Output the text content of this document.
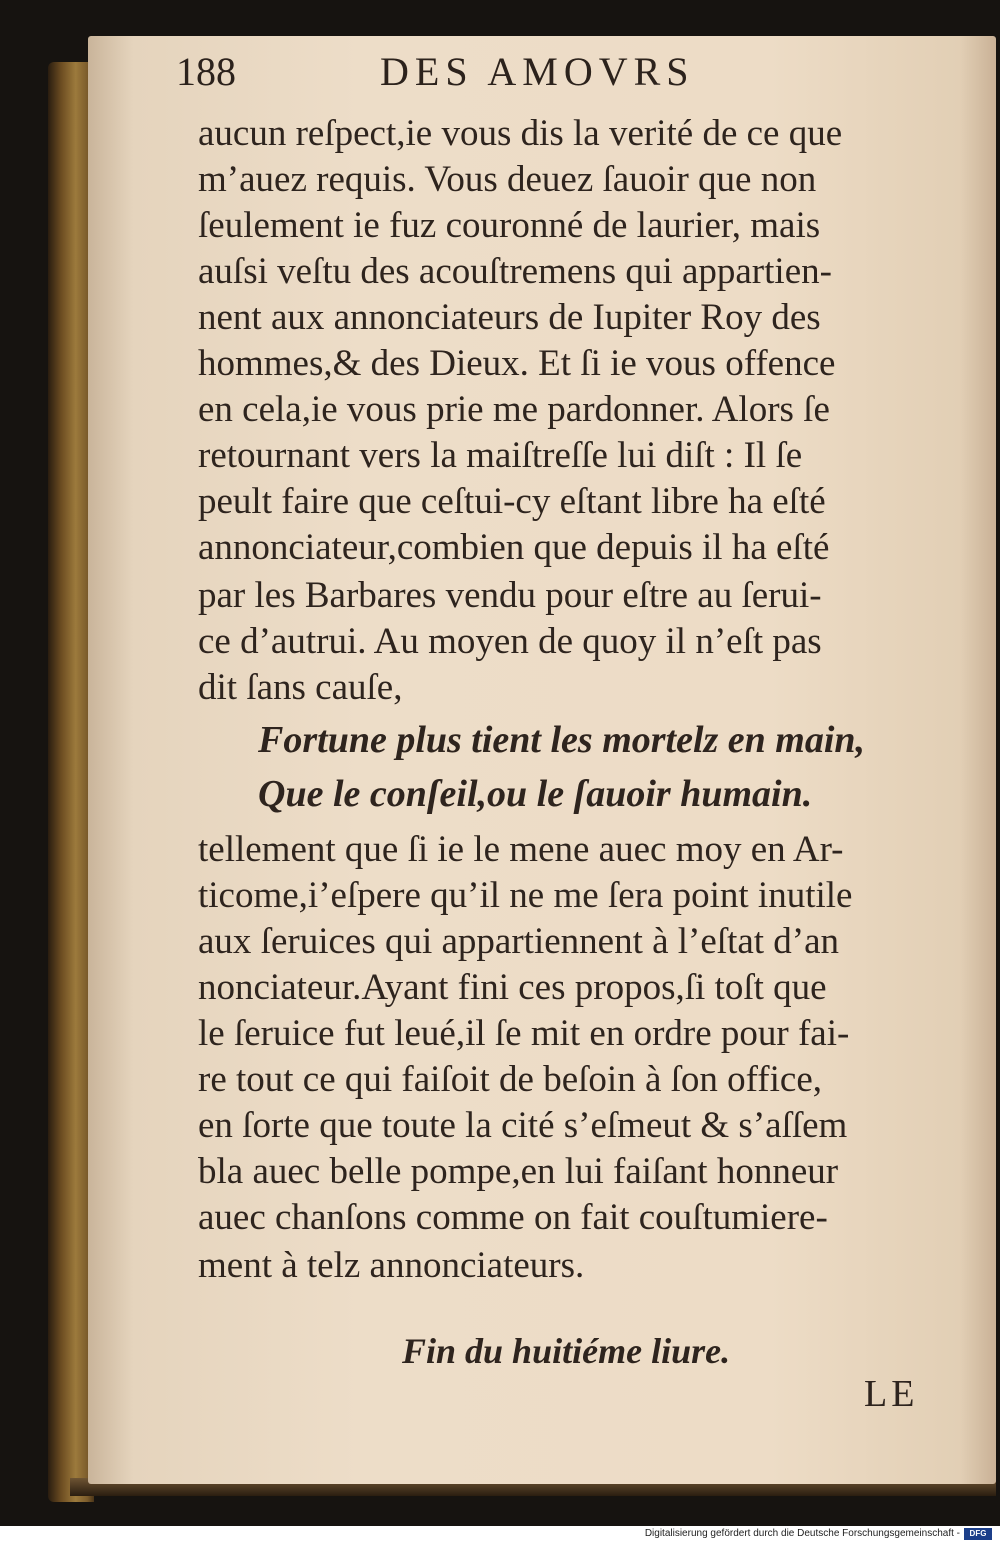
188	DES AMOVRS
aucun reſpect,ie vous dis la verité de ce que
m’auez requis. Vous deuez ſauoir que non
ſeulement ie fuz couronné de laurier, mais
auſsi veſtu des acouſtremens qui appartien-
nent aux annonciateurs de Iupiter Roy des
hommes,& des Dieux. Et ſi ie vous offence
en cela,ie vous prie me pardonner. Alors ſe
retournant vers la maiſtreſſe lui diſt : Il ſe
peult faire que ceſtui-cy eſtant libre ha eſté
annonciateur,combien que depuis il ha eſté
par les Barbares vendu pour eſtre au ſerui-
ce d’autrui. Au moyen de quoy il n’eſt pas
dit ſans cauſe,
Fortune plus tient les mortelz en main,
Que le conſeil,ou le ſauoir humain.
tellement que ſi ie le mene auec moy en Ar-
ticome,i’eſpere qu’il ne me ſera point inutile
aux ſeruices qui appartiennent à l’eſtat d’an
nonciateur.Ayant fini ces propos,ſi toſt que
le ſeruice fut leué,il ſe mit en ordre pour fai-
re tout ce qui faiſoit de beſoin à ſon office,
en ſorte que toute la cité s’eſmeut & s’aſſem
bla auec belle pompe,en lui faiſant honneur
auec chanſons comme on fait couſtumiere-
ment à telz annonciateurs.
Fin du huitiéme liure.
LE
Digitalisierung gefördert durch die Deutsche Forschungsgemeinschaft -	DFG
